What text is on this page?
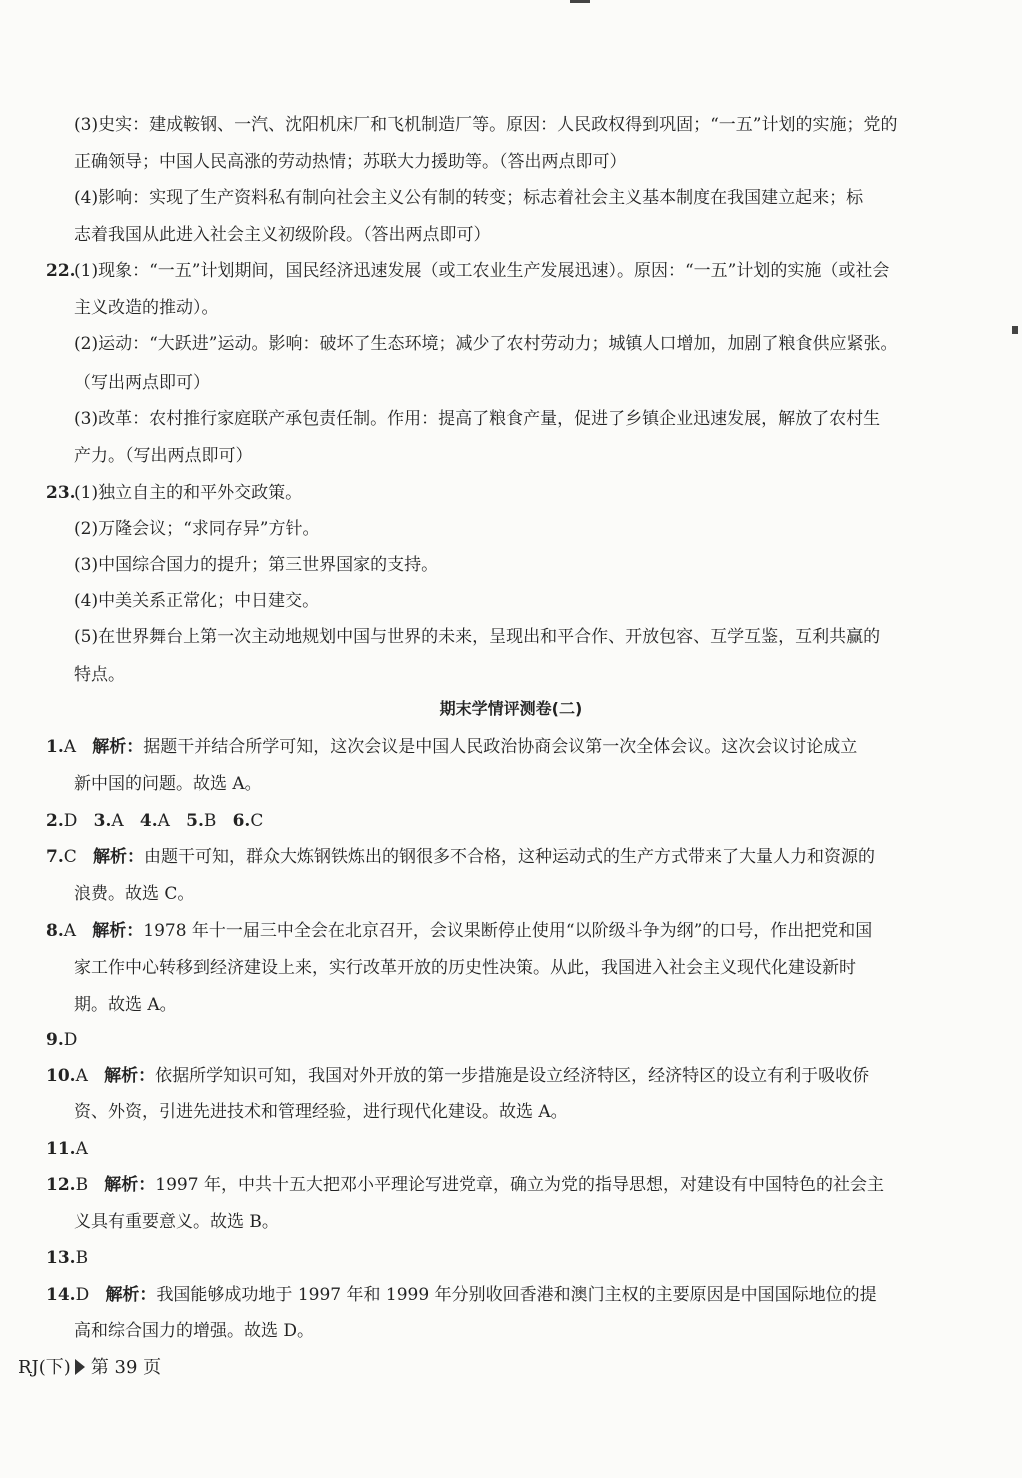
(3)史实：建成鞍钢、一汽、沈阳机床厂和飞机制造厂等。原因：人民政权得到巩固；“一五”计划的实施；党的
正确领导；中国人民高涨的劳动热情；苏联大力援助等。（答出两点即可）
(4)影响：实现了生产资料私有制向社会主义公有制的转变；标志着社会主义基本制度在我国建立起来；标
志着我国从此进入社会主义初级阶段。（答出两点即可）
22.
(1)现象：“一五”计划期间，国民经济迅速发展（或工农业生产发展迅速）。原因：“一五”计划的实施（或社会
主义改造的推动）。
(2)运动：“大跃进”运动。影响：破坏了生态环境；减少了农村劳动力；城镇人口增加，加剧了粮食供应紧张。
（写出两点即可）
(3)改革：农村推行家庭联产承包责任制。作用：提高了粮食产量，促进了乡镇企业迅速发展，解放了农村生
产力。（写出两点即可）
23.
(1)独立自主的和平外交政策。
(2)万隆会议；“求同存异”方针。
(3)中国综合国力的提升；第三世界国家的支持。
(4)中美关系正常化；中日建交。
(5)在世界舞台上第一次主动地规划中国与世界的未来，呈现出和平合作、开放包容、互学互鉴，互利共赢的
特点。
期末学情评测卷(二)
1.A 解析：据题干并结合所学可知，这次会议是中国人民政治协商会议第一次全体会议。这次会议讨论成立
新中国的问题。故选 A。
2.D 3.A 4.A 5.B 6.C
7.C 解析：由题干可知，群众大炼钢铁炼出的钢很多不合格，这种运动式的生产方式带来了大量人力和资源的
浪费。故选 C。
8.A 解析：1978 年十一届三中全会在北京召开，会议果断停止使用“以阶级斗争为纲”的口号，作出把党和国
家工作中心转移到经济建设上来，实行改革开放的历史性决策。从此，我国进入社会主义现代化建设新时
期。故选 A。
9.D
10.A 解析：依据所学知识可知，我国对外开放的第一步措施是设立经济特区，经济特区的设立有利于吸收侨
资、外资，引进先进技术和管理经验，进行现代化建设。故选 A。
11.A
12.B 解析：1997 年，中共十五大把邓小平理论写进党章，确立为党的指导思想，对建设有中国特色的社会主
义具有重要意义。故选 B。
13.B
14.D 解析：我国能够成功地于 1997 年和 1999 年分别收回香港和澳门主权的主要原因是中国国际地位的提
高和综合国力的增强。故选 D。
RJ(下) 第 39 页
